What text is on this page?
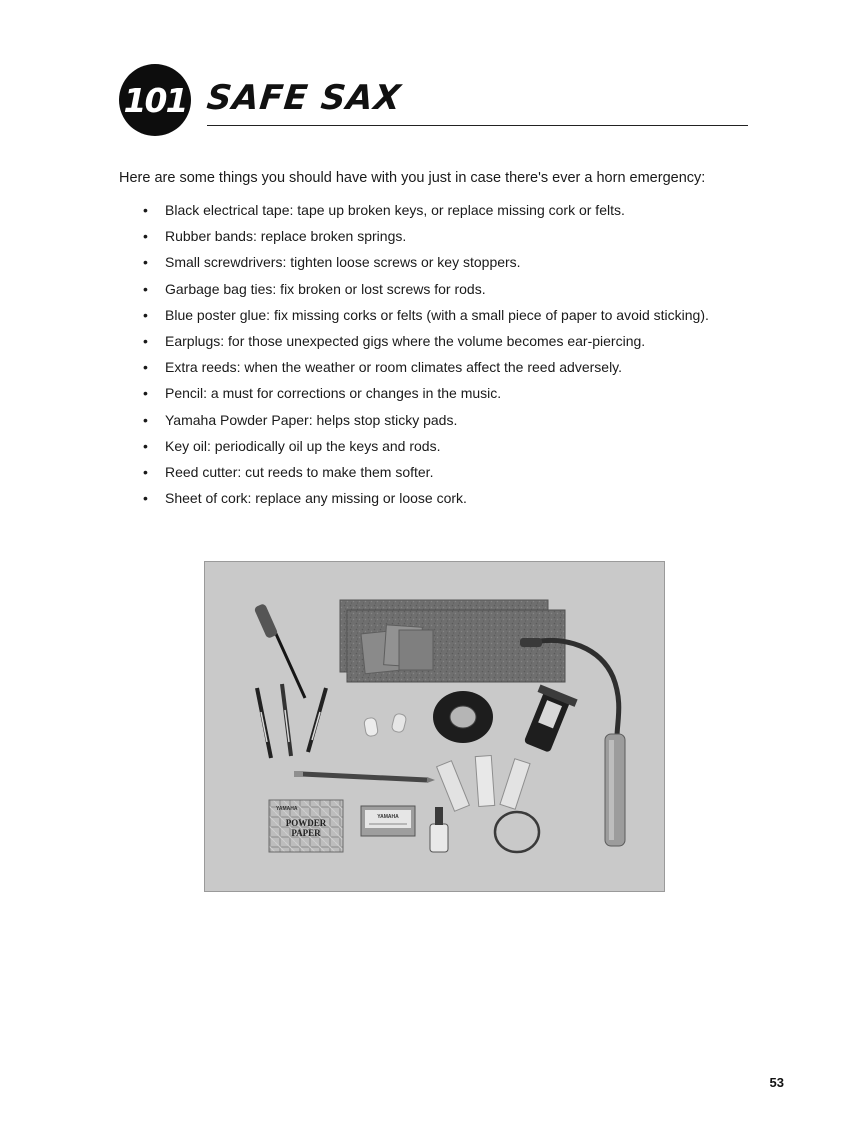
101 SAFE SAX
Here are some things you should have with you just in case there's ever a horn emergency:
• Black electrical tape: tape up broken keys, or replace missing cork or felts.
• Rubber bands: replace broken springs.
• Small screwdrivers: tighten loose screws or key stoppers.
• Garbage bag ties: fix broken or lost screws for rods.
• Blue poster glue: fix missing corks or felts (with a small piece of paper to avoid sticking).
• Earplugs: for those unexpected gigs where the volume becomes ear-piercing.
• Extra reeds: when the weather or room climates affect the reed adversely.
• Pencil: a must for corrections or changes in the music.
• Yamaha Powder Paper: helps stop sticky pads.
• Key oil: periodically oil up the keys and rods.
• Reed cutter: cut reeds to make them softer.
• Sheet of cork: replace any missing or loose cork.
YAMAHA
POWDER
PAPER
YAMAHA
53
